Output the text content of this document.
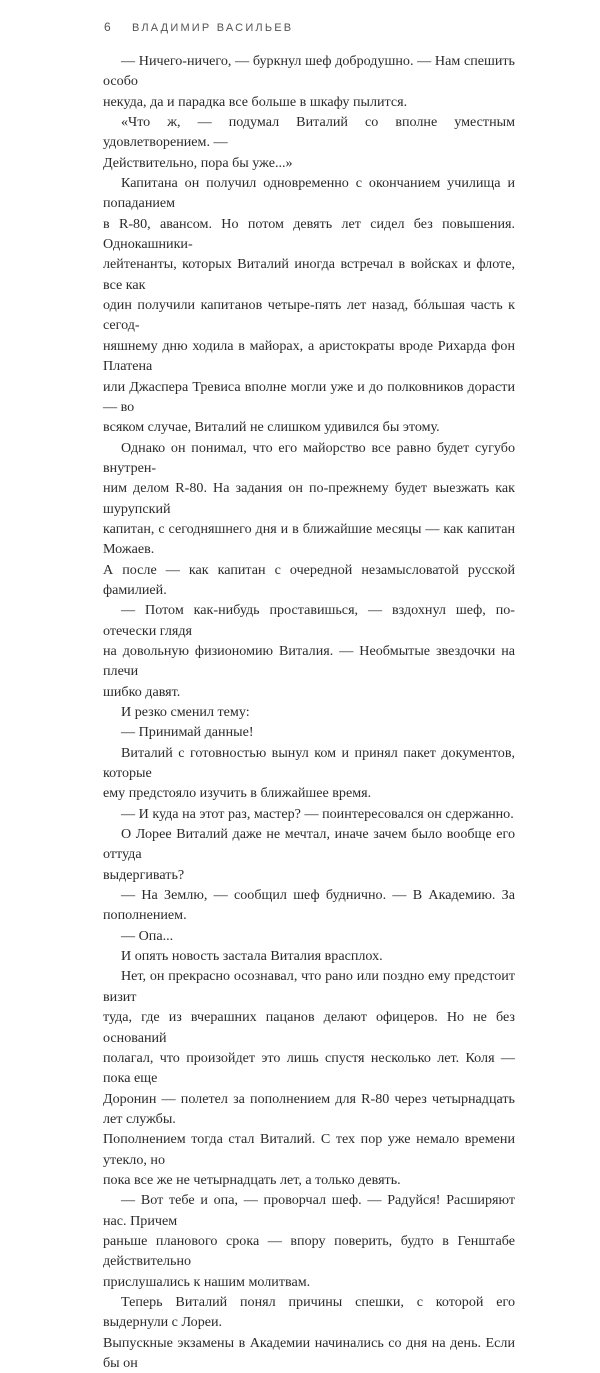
6 ВЛАДИМИР ВАСИЛЬЕВ

— Ничего-ничего, — буркнул шеф добродушно. — Нам спешить особо
некуда, да и парадка все больше в шкафу пылится.

«Что ж, — подумал Виталий со вполне уместным удовлетворением. —
Действительно, пора бы уже...»

Капитана он получил одновременно с окончанием училища и попаданием
в R-80, авансом. Но потом девять лет сидел без повышения. Однокашники-
лейтенанты, которых Виталий иногда встречал в войсках и флоте, все как
один получили капитанов четыре-пять лет назад, бóльшая часть к сегод-
няшнему дню ходила в майорах, а аристократы вроде Рихарда фон Платена
или Джаспера Тревиса вполне могли уже и до полковников дорасти — во
всяком случае, Виталий не слишком удивился бы этому.

Однако он понимал, что его майорство все равно будет сугубо внутрен-
ним делом R-80. На задания он по-прежнему будет выезжать как шурупский
капитан, с сегодняшнего дня и в ближайшие месяцы — как капитан Можаев.
А после — как капитан с очередной незамысловатой русской фамилией.

— Потом как-нибудь проставишься, — вздохнул шеф, по-отечески глядя
на довольную физиономию Виталия. — Необмытые звездочки на плечи
шибко давят.

И резко сменил тему:

— Принимай данные!

Виталий с готовностью вынул ком и принял пакет документов, которые
ему предстояло изучить в ближайшее время.

— И куда на этот раз, мастер? — поинтересовался он сдержанно.

О Лорее Виталий даже не мечтал, иначе зачем было вообще его оттуда
выдергивать?

— На Землю, — сообщил шеф буднично. — В Академию. За пополнением.

— Опа...

И опять новость застала Виталия врасплох.

Нет, он прекрасно осознавал, что рано или поздно ему предстоит визит
туда, где из вчерашних пацанов делают офицеров. Но не без оснований
полагал, что произойдет это лишь спустя несколько лет. Коля — пока еще
Доронин — полетел за пополнением для R-80 через четырнадцать лет службы.
Пополнением тогда стал Виталий. С тех пор уже немало времени утекло, но
пока все же не четырнадцать лет, а только девять.

— Вот тебе и опа, — проворчал шеф. — Радуйся! Расширяют нас. Причем
раньше планового срока — впору поверить, будто в Генштабе действительно
прислушались к нашим молитвам.

Теперь Виталий понял причины спешки, с которой его выдернули с Лореи.
Выпускные экзамены в Академии начинались со дня на день. Если бы он
